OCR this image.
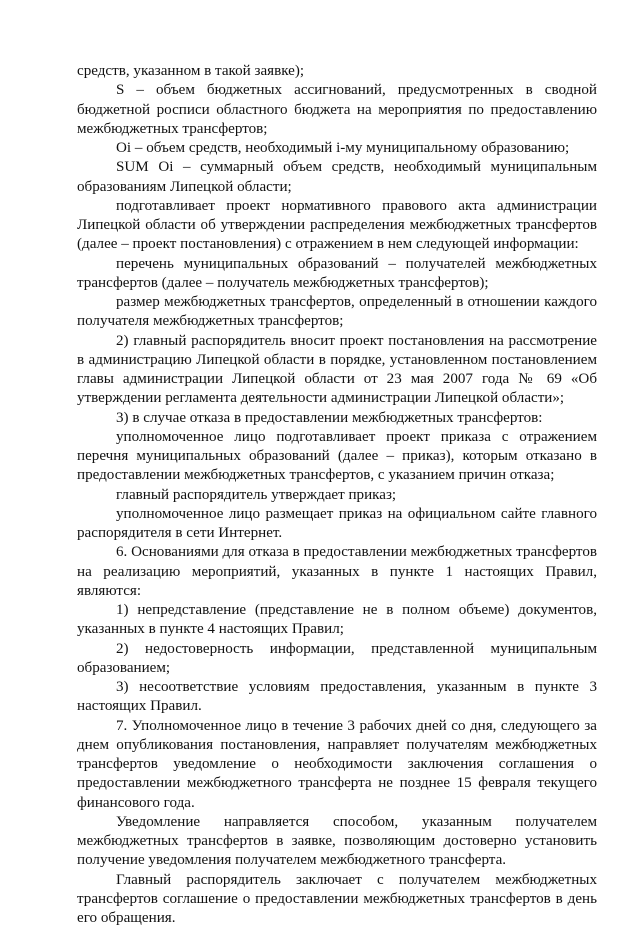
средств, указанном в такой заявке);

S – объем бюджетных ассигнований, предусмотренных в сводной бюджетной росписи областного бюджета на мероприятия по предоставлению межбюджетных трансфертов;

Oi – объем средств, необходимый i-му муниципальному образованию;

SUM Oi – суммарный объем средств, необходимый муниципальным образованиям Липецкой области;

подготавливает проект нормативного правового акта администрации Липецкой области об утверждении распределения межбюджетных трансфертов (далее – проект постановления) с отражением в нем следующей информации:

перечень муниципальных образований – получателей межбюджетных трансфертов (далее – получатель межбюджетных трансфертов);

размер межбюджетных трансфертов, определенный в отношении каждого получателя межбюджетных трансфертов;

2) главный распорядитель вносит проект постановления на рассмотрение в администрацию Липецкой области в порядке, установленном постановлением главы администрации Липецкой области от 23 мая 2007 года № 69 «Об утверждении регламента деятельности администрации Липецкой области»;

3) в случае отказа в предоставлении межбюджетных трансфертов:

уполномоченное лицо подготавливает проект приказа с отражением перечня муниципальных образований (далее – приказ), которым отказано в предоставлении межбюджетных трансфертов, с указанием причин отказа;

главный распорядитель утверждает приказ;

уполномоченное лицо размещает приказ на официальном сайте главного распорядителя в сети Интернет.

6. Основаниями для отказа в предоставлении межбюджетных трансфертов на реализацию мероприятий, указанных в пункте 1 настоящих Правил, являются:

1) непредставление (представление не в полном объеме) документов, указанных в пункте 4 настоящих Правил;

2) недостоверность информации, представленной муниципальным образованием;

3) несоответствие условиям предоставления, указанным в пункте 3 настоящих Правил.

7. Уполномоченное лицо в течение 3 рабочих дней со дня, следующего за днем опубликования постановления, направляет получателям межбюджетных трансфертов уведомление о необходимости заключения соглашения о предоставлении межбюджетного трансферта не позднее 15 февраля текущего финансового года.

Уведомление направляется способом, указанным получателем межбюджетных трансфертов в заявке, позволяющим достоверно установить получение уведомления получателем межбюджетного трансферта.

Главный распорядитель заключает с получателем межбюджетных трансфертов соглашение о предоставлении межбюджетных трансфертов в день его обращения.
